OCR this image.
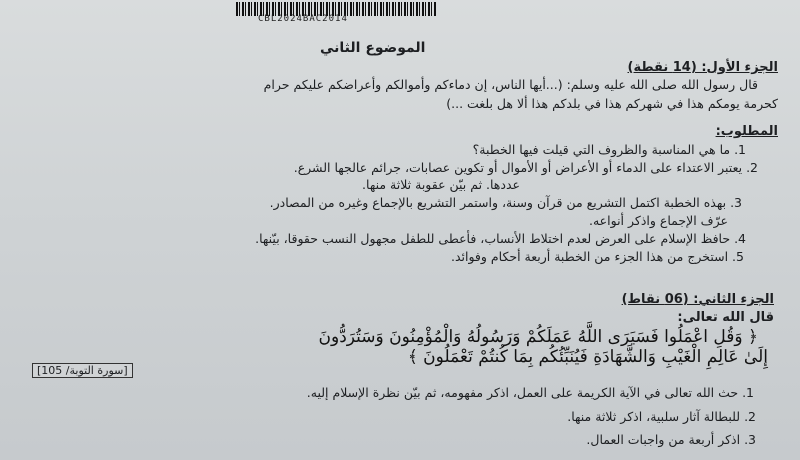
CBL2024BAC2014
الموضوع الثاني
الجزء الأول: (14 نقطة)
قال رسول الله صلى الله عليه وسلم: (...أيها الناس، إن دماءكم وأموالكم وأعراضكم عليكم حرام
كحرمة يومكم هذا في شهركم هذا في بلدكم هذا ألا هل بلغت ...)
المطلوب:
1. ما هي المناسبة والظروف التي قيلت فيها الخطبة؟
2. يعتبر الاعتداء على الدماء أو الأعراض أو الأموال أو تكوين عصابات، جرائم عالجها الشرع.
عددها. ثم بيّن عقوبة ثلاثة منها.
3. بهذه الخطبة اكتمل التشريع من قرآن وسنة، واستمر التشريع بالإجماع وغيره من المصادر.
عرّف الإجماع واذكر أنواعه.
4. حافظ الإسلام على العرض لعدم اختلاط الأنساب، فأعطى للطفل مجهول النسب حقوقا، بيّنها.
5. استخرج من هذا الجزء من الخطبة أربعة أحكام وفوائد.
الجزء الثاني: (06 نقاط)
قال الله تعالى:
﴿ وَقُلِ اعْمَلُوا فَسَيَرَى اللَّهُ عَمَلَكُمْ وَرَسُولُهُ وَالْمُؤْمِنُونَ وَسَتُرَدُّونَ
إِلَىٰ عَالِمِ الْغَيْبِ وَالشَّهَادَةِ فَيُنَبِّئُكُم بِمَا كُنتُمْ تَعْمَلُونَ ﴾
[سورة التوبة/ 105]
1. حث الله تعالى في الآية الكريمة على العمل، اذكر مفهومه، ثم بيّن نظرة الإسلام إليه.
2. للبطالة آثار سلبية، اذكر ثلاثة منها.
3. اذكر أربعة من واجبات العمال.
